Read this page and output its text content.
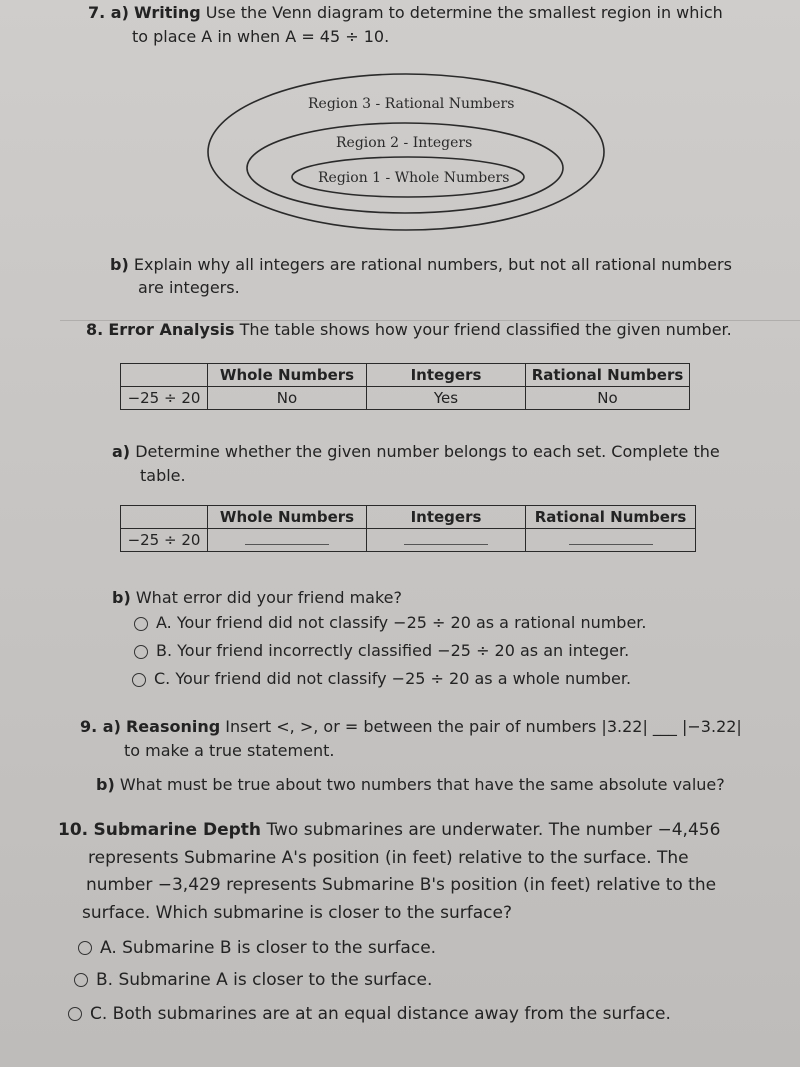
7. a) Writing Use the Venn diagram to determine the smallest region in which
to place A in when A = 45 ÷ 10.
Region 3 - Rational Numbers
Region 2 - Integers
Region 1 - Whole Numbers
b) Explain why all integers are rational numbers, but not all rational numbers
are integers.
8. Error Analysis The table shows how your friend classified the given number.
	Whole Numbers	Integers	Rational Numbers
−25 ÷ 20	No	Yes	No
a) Determine whether the given number belongs to each set. Complete the
table.
	Whole Numbers	Integers	Rational Numbers
−25 ÷ 20			
b) What error did your friend make?
A. Your friend did not classify −25 ÷ 20 as a rational number.
B. Your friend incorrectly classified −25 ÷ 20 as an integer.
C. Your friend did not classify −25 ÷ 20 as a whole number.
9. a) Reasoning Insert <, >, or = between the pair of numbers |3.22| ___ |−3.22|
to make a true statement.
b) What must be true about two numbers that have the same absolute value?
10. Submarine Depth Two submarines are underwater. The number −4,456
represents Submarine A's position (in feet) relative to the surface. The
number −3,429 represents Submarine B's position (in feet) relative to the
surface. Which submarine is closer to the surface?
A. Submarine B is closer to the surface.
B. Submarine A is closer to the surface.
C. Both submarines are at an equal distance away from the surface.
